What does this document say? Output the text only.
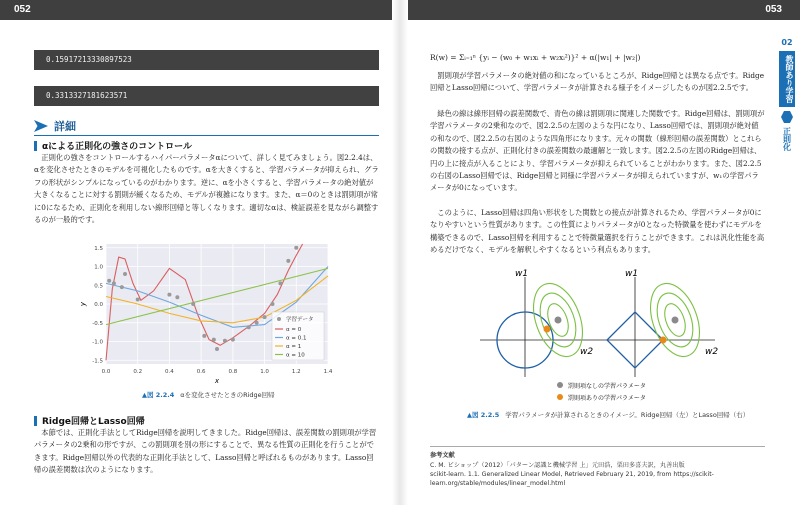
052	053
0.15917213330897523
0.3313327181623571
詳細
αによる正則化の強さのコントロール
正則化の強さをコントロールするハイパーパラメータαについて、詳しく見てみましょう。図2.2.4は、αを変化させたときのモデルを可視化したものです。αを大きくすると、学習パラメータが抑えられ、グラフの形状がシンプルになっているのがわかります。逆に、αを小さくすると、学習パラメータの絶対値が大きくなることに対する罰則が緩くなるため、モデルが複雑になります。また、α＝0のときは罰則項が常に0になるため、正則化を利用しない線形回帰と等しくなります。適切なαは、検証誤差を見ながら調整するのが一般的です。
0.0	0.2	0.4	0.6	0.8	1.0	1.2	1.4
1.5
1.0
0.5
0.0
-0.5
-1.0
-1.5
x
y
学習データ
α = 0
α = 0.1
α = 1
α = 10
▲図 2.2.4 αを変化させたときのRidge回帰
Ridge回帰とLasso回帰
本節では、正則化手法としてRidge回帰を説明してきました。Ridge回帰は、誤差関数の罰則項が学習パラメータの2乗和の形ですが、この罰則項を別の形にすることで、異なる性質の正則化を行うことができます。Ridge回帰以外の代表的な正則化手法として、Lasso回帰と呼ばれるものがあります。Lasso回帰の誤差関数は次のようになります。
R(w) = Σᵢ₌₁ⁿ {yᵢ − (w₀ + w₁xᵢ + w₂xᵢ²)}² + α(|w₁| + |w₂|)
罰則項が学習パラメータの絶対値の和になっているところが、Ridge回帰とは異なる点です。Ridge回帰とLasso回帰について、学習パラメータが計算される様子をイメージしたものが図2.2.5です。
緑色の線は線形回帰の誤差関数で、青色の線は罰則項に関連した関数です。Ridge回帰は、罰則項が学習パラメータの2乗和なので、図2.2.5の左図のような円になり、Lasso回帰では、罰則項が絶対値の和なので、図2.2.5の右図のような四角形になります。元々の関数（線形回帰の誤差関数）とこれらの関数の接する点が、正則化付きの誤差関数の最適解と一致します。図2.2.5の左図のRidge回帰は、円の上に接点が入ることにより、学習パラメータが抑えられていることがわかります。また、図2.2.5の右図のLasso回帰では、Ridge回帰と同様に学習パラメータが抑えられていますが、w₁の学習パラメータが0になっています。
このように、Lasso回帰は四角い形状をした関数との接点が計算されるため、学習パラメータが0になりやすいという性質があります。この性質によりパラメータが0となった特徴量を使わずにモデルを構築できるので、Lasso回帰を利用することで特徴量選択を行うことができます。これは汎化性能を高めるだけでなく、モデルを解釈しやすくなるという利点もあります。
w1
w2
w1
w2
罰則項なしの学習パラメータ
罰則項ありの学習パラメータ
▲図 2.2.5 学習パラメータが計算されるときのイメージ。Ridge回帰（左）とLasso回帰（右）
参考文献
C. M. ビショップ（2012）「パターン認識と機械学習 上」元田浩，栗田多喜夫訳，丸善出版
scikit-learn. 1.1. Generalized Linear Model, Retrieved February 21, 2019, from https://scikit-learn.org/stable/modules/linear_model.html
02
教師あり学習
正則化
